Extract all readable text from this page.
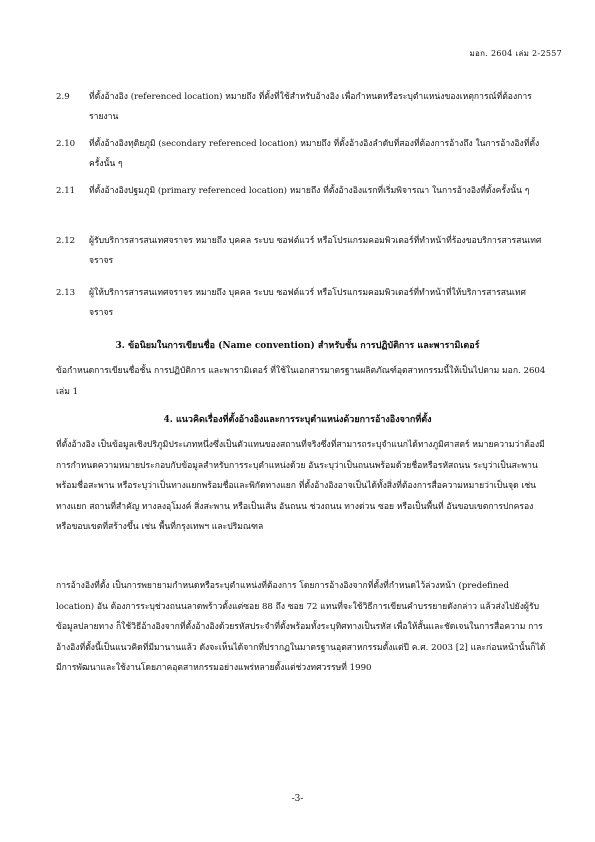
มอก. 2604 เล่ม 2-2557
2.9	ที่ตั้งอ้างอิง (referenced location) หมายถึง ที่ตั้งที่ใช้สำหรับอ้างอิง เพื่อกำหนดหรือระบุตำแหน่งของเหตุการณ์ที่ต้องการรายงาน
2.10	ที่ตั้งอ้างอิงทุติยภูมิ (secondary referenced location) หมายถึง ที่ตั้งอ้างอิงลำดับที่สองที่ต้องการอ้างถึง ในการอ้างอิงที่ตั้งครั้งนั้น ๆ
2.11	ที่ตั้งอ้างอิงปฐมภูมิ (primary referenced location) หมายถึง ที่ตั้งอ้างอิงแรกที่เริ่มพิจารณา ในการอ้างอิงที่ตั้งครั้งนั้น ๆ
2.12	ผู้รับบริการสารสนเทศจราจร หมายถึง บุคคล ระบบ ซอฟต์แวร์ หรือโปรแกรมคอมพิวเตอร์ที่ทำหน้าที่ร้องขอบริการสารสนเทศจราจร
2.13	ผู้ให้บริการสารสนเทศจราจร หมายถึง บุคคล ระบบ ซอฟต์แวร์ หรือโปรแกรมคอมพิวเตอร์ที่ทำหน้าที่ให้บริการสารสนเทศจราจร
3. ข้อนิยมในการเขียนชื่อ (Name convention) สำหรับชั้น การปฏิบัติการ และพารามิเตอร์
ข้อกำหนดการเขียนชื่อชั้น การปฏิบัติการ และพารามิเตอร์ ที่ใช้ในเอกสารมาตรฐานผลิตภัณฑ์อุตสาหกรรมนี้ให้เป็นไปตาม มอก. 2604 เล่ม 1
4. แนวคิดเรื่องที่ตั้งอ้างอิงและการระบุตำแหน่งด้วยการอ้างอิงจากที่ตั้ง
ที่ตั้งอ้างอิง เป็นข้อมูลเชิงปริภูมิประเภทหนึ่งซึ่งเป็นตัวแทนของสถานที่จริงซึ่งที่สามารถระบุจำแนกได้ทางภูมิศาสตร์ หมายความว่าต้องมีการกำหนดความหมายประกอบกับข้อมูลสำหรับการระบุตำแหน่งด้วย อันระบุว่าเป็นถนนพร้อมด้วยชื่อหรือรหัสถนน ระบุว่าเป็นสะพานพร้อมชื่อสะพาน หรือระบุว่าเป็นทางแยกพร้อมชื่อและพิกัดทางแยก ที่ตั้งอ้างอิงอาจเป็นได้ทั้งสิ่งที่ต้องการสื่อความหมายว่าเป็นจุด เช่น ทางแยก สถานที่สำคัญ ทางลงอุโมงค์ สิ่งสะพาน หรือเป็นเส้น อันถนน ช่วงถนน ทางด่วน ซอย หรือเป็นพื้นที่ อันขอบเขตการปกครอง หรือขอบเขตที่สร้างขึ้น เช่น พื้นที่กรุงเทพฯ และปริมณฑล
การอ้างอิงที่ตั้ง เป็นการพยายามกำหนดหรือระบุตำแหน่งที่ต้องการ โดยการอ้างอิงจากที่ตั้งที่กำหนดไว้ล่วงหน้า (predefined location) อัน ต้องการระบุช่วงถนนลาดพร้าวตั้งแต่ซอย 88 ถึง ซอย 72 แทนที่จะใช้วิธีการเขียนคำบรรยายดังกล่าว แล้วส่งไปยังผู้รับข้อมูลปลายทาง ก็ใช้วิธีอ้างอิงจากที่ตั้งอ้างอิงด้วยรหัสประจำที่ตั้งพร้อมทั้งระบุทิศทางเป็นรหัส เพื่อให้สั้นและชัดเจนในการสื่อความ การอ้างอิงที่ตั้งนี้เป็นแนวคิดที่มีมานานแล้ว ดังจะเห็นได้จากที่ปรากฏในมาตรฐานอุตสาหกรรมตั้งแต่ปี ค.ศ. 2003 [2] และก่อนหน้านั้นก็ได้มีการพัฒนาและใช้งานโดยภาคอุตสาหกรรมอย่างแพร่หลายตั้งแต่ช่วงทศวรรษที่ 1990
-3-
